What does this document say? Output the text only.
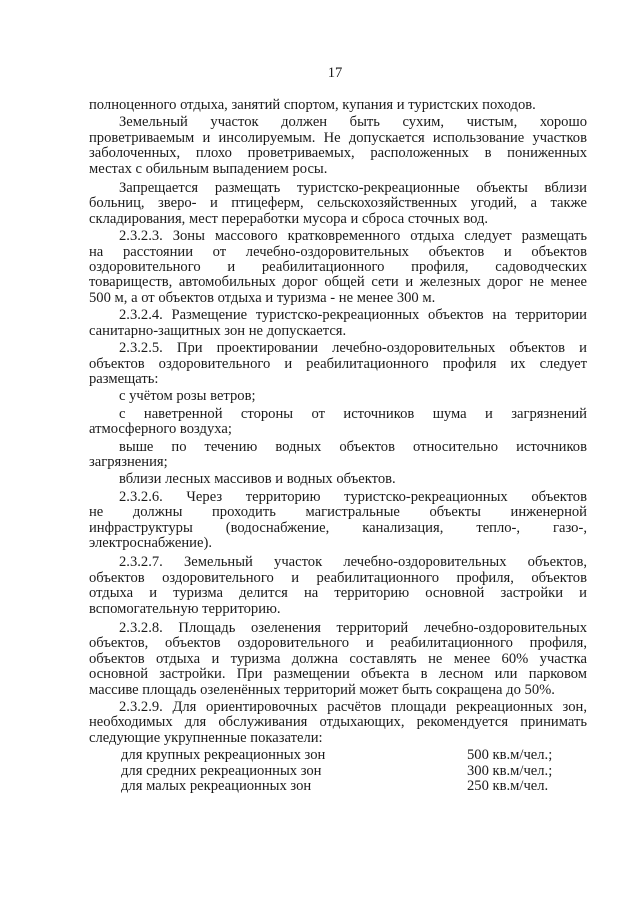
17
полноценного отдыха, занятий спортом, купания и туристских походов.
Земельный участок должен быть сухим, чистым, хорошо
проветриваемым и инсолируемым. Не допускается использование участков
заболоченных, плохо проветриваемых, расположенных в пониженных
местах с обильным выпадением росы.
Запрещается размещать туристско-рекреационные объекты вблизи
больниц, зверо- и птицеферм, сельскохозяйственных угодий, а также
складирования, мест переработки мусора и сброса сточных вод.
2.3.2.3. Зоны массового кратковременного отдыха следует размещать
на расстоянии от лечебно-оздоровительных объектов и объектов
оздоровительного и реабилитационного профиля, садоводческих
товариществ, автомобильных дорог общей сети и железных дорог не менее
500 м, а от объектов отдыха и туризма - не менее 300 м.
2.3.2.4. Размещение туристско-рекреационных объектов на территории
санитарно-защитных зон не допускается.
2.3.2.5. При проектировании лечебно-оздоровительных объектов и
объектов оздоровительного и реабилитационного профиля их следует
размещать:
с учётом розы ветров;
с наветренной стороны от источников шума и загрязнений
атмосферного воздуха;
выше по течению водных объектов относительно источников
загрязнения;
вблизи лесных массивов и водных объектов.
2.3.2.6. Через территорию туристско-рекреационных объектов
не должны проходить магистральные объекты инженерной
инфраструктуры (водоснабжение, канализация, тепло-, газо-,
электроснабжение).
2.3.2.7. Земельный участок лечебно-оздоровительных объектов,
объектов оздоровительного и реабилитационного профиля, объектов
отдыха и туризма делится на территорию основной застройки и
вспомогательную территорию.
2.3.2.8. Площадь озеленения территорий лечебно-оздоровительных
объектов, объектов оздоровительного и реабилитационного профиля,
объектов отдыха и туризма должна составлять не менее 60% участка
основной застройки. При размещении объекта в лесном или парковом
массиве площадь озеленённых территорий может быть сокращена до 50%.
2.3.2.9. Для ориентировочных расчётов площади рекреационных зон,
необходимых для обслуживания отдыхающих, рекомендуется принимать
следующие укрупненные показатели:
для крупных рекреационных зон	500 кв.м/чел.;
для средних рекреационных зон	300 кв.м/чел.;
для малых рекреационных зон	250 кв.м/чел.
